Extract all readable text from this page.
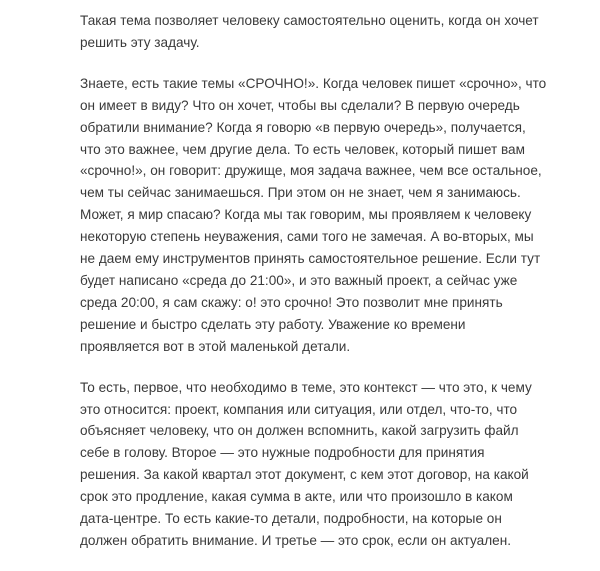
Такая тема позволяет человеку самостоятельно оценить, когда он хочет
решить эту задачу.

Знаете, есть такие темы «СРОЧНО!». Когда человек пишет «срочно», что
он имеет в виду? Что он хочет, чтобы вы сделали? В первую очередь
обратили внимание? Когда я говорю «в первую очередь», получается,
что это важнее, чем другие дела. То есть человек, который пишет вам
«срочно!», он говорит: дружище, моя задача важнее, чем все остальное,
чем ты сейчас занимаешься. При этом он не знает, чем я занимаюсь.
Может, я мир спасаю? Когда мы так говорим, мы проявляем к человеку
некоторую степень неуважения, сами того не замечая. А во-вторых, мы
не даем ему инструментов принять самостоятельное решение. Если тут
будет написано «среда до 21:00», и это важный проект, а сейчас уже
среда 20:00, я сам скажу: о! это срочно! Это позволит мне принять
решение и быстро сделать эту работу. Уважение ко времени
проявляется вот в этой маленькой детали.

То есть, первое, что необходимо в теме, это контекст — что это, к чему
это относится: проект, компания или ситуация, или отдел, что-то, что
объясняет человеку, что он должен вспомнить, какой загрузить файл
себе в голову. Второе — это нужные подробности для принятия
решения. За какой квартал этот документ, с кем этот договор, на какой
срок это продление, какая сумма в акте, или что произошло в каком
дата-центре. То есть какие-то детали, подробности, на которые он
должен обратить внимание. И третье — это срок, если он актуален.
